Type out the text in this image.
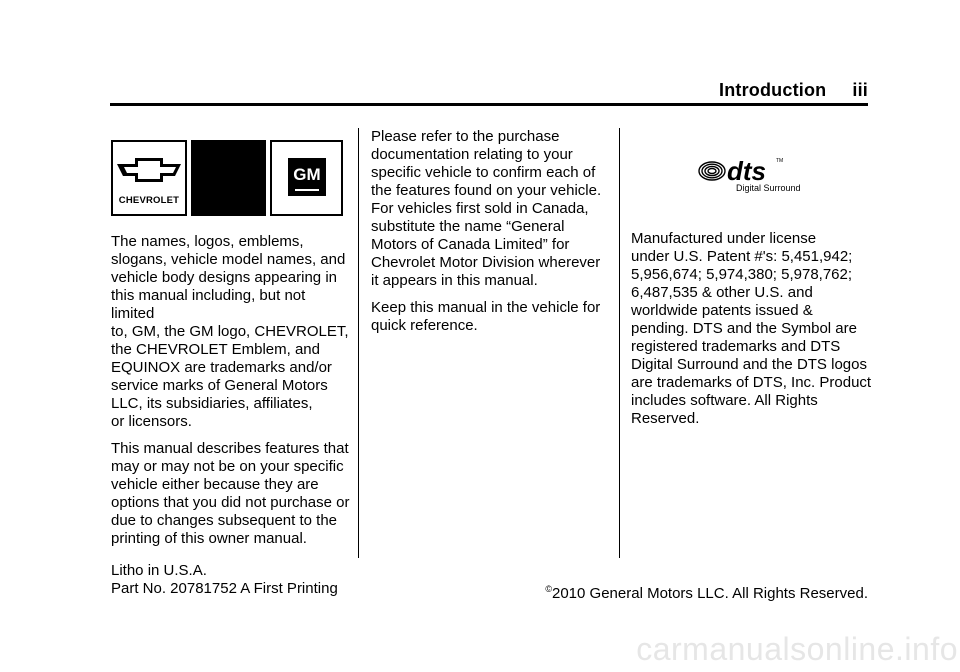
Introduction iii
CHEVROLET
GM

The names, logos, emblems,
slogans, vehicle model names, and
vehicle body designs appearing in
this manual including, but not limited
to, GM, the GM logo, CHEVROLET,
the CHEVROLET Emblem, and
EQUINOX are trademarks and/or
service marks of General Motors
LLC, its subsidiaries, affiliates,
or licensors.

This manual describes features that
may or may not be on your specific
vehicle either because they are
options that you did not purchase or
due to changes subsequent to the
printing of this owner manual.

Please refer to the purchase
documentation relating to your
specific vehicle to confirm each of
the features found on your vehicle.
For vehicles first sold in Canada,
substitute the name “General
Motors of Canada Limited” for
Chevrolet Motor Division wherever
it appears in this manual.

Keep this manual in the vehicle for
quick reference.

dts TM
Digital Surround

Manufactured under license
under U.S. Patent #'s: 5,451,942;
5,956,674; 5,974,380; 5,978,762;
6,487,535 & other U.S. and
worldwide patents issued &
pending. DTS and the Symbol are
registered trademarks and DTS
Digital Surround and the DTS logos
are trademarks of DTS, Inc. Product
includes software. All Rights
Reserved.

Litho in U.S.A.
Part No. 20781752 A First Printing	©2010 General Motors LLC. All Rights Reserved.
carmanualsonline.info
